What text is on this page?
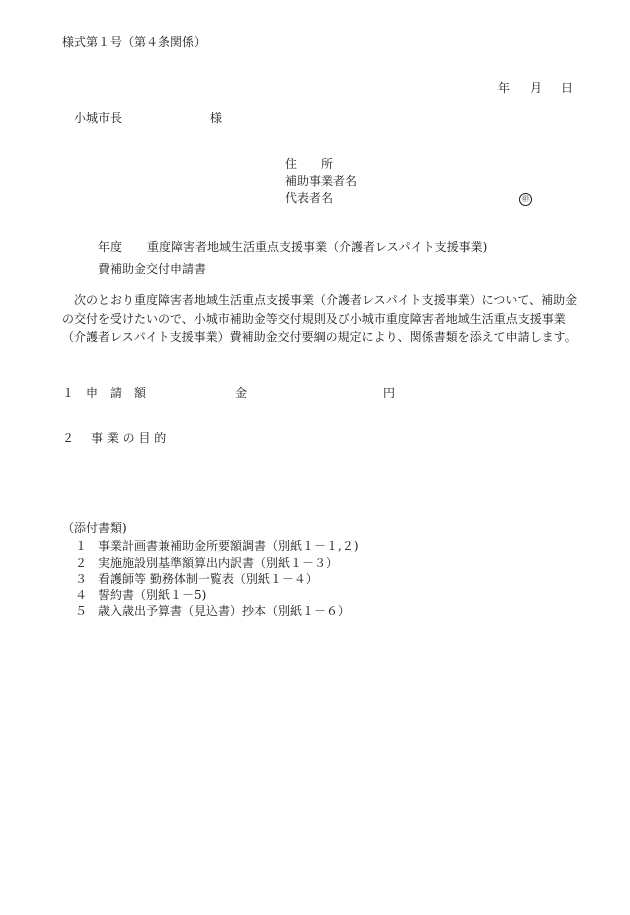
様式第１号（第４条関係）
年 月 日
小城市長	様
住　　所
補助事業者名
代表者名	㊞
年度 重度障害者地域生活重点支援事業（介護者レスパイト支援事業)
費補助金交付申請書

次のとおり重度障害者地域生活重点支援事業（介護者レスパイト支援事業）について、補助金の交付を受けたいので、小城市補助金等交付規則及び小城市重度障害者地域生活重点支援事業（介護者レスパイト支援事業）費補助金交付要綱の規定により、関係書類を添えて申請します。

１ 申　請　額	金	円
２ 事 業 の 目 的
（添付書類)
１ 事業計画書兼補助金所要額調書（別紙１－１,２)
２ 実施施設別基準額算出内訳書（別紙１－３）
３ 看護師等 勤務体制一覧表（別紙１－４）
４ 誓約書（別紙１－5)
５ 歳入歳出予算書（見込書）抄本（別紙１－６）
